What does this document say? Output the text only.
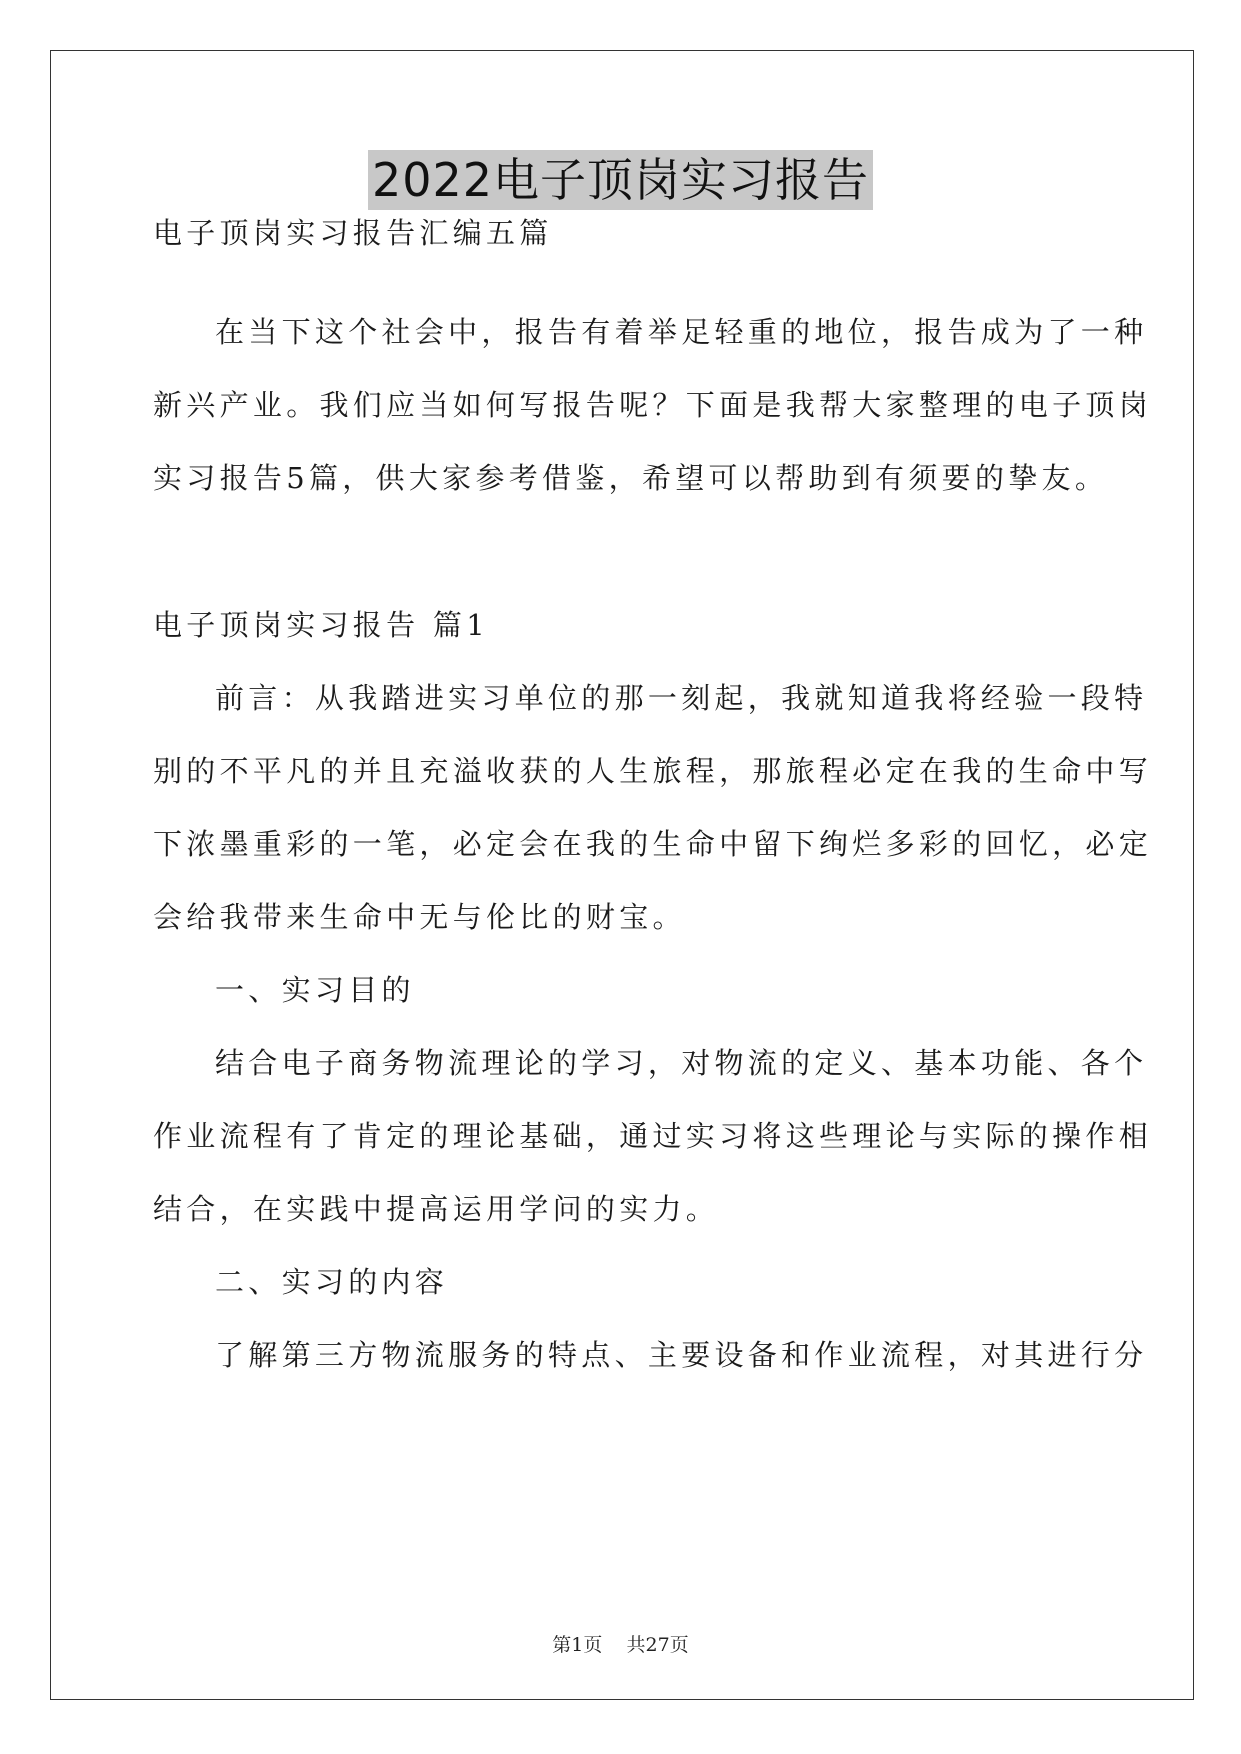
2022电子顶岗实习报告
电子顶岗实习报告汇编五篇
在当下这个社会中，报告有着举足轻重的地位，报告成为了一种
新兴产业。我们应当如何写报告呢？下面是我帮大家整理的电子顶岗
实习报告5篇，供大家参考借鉴，希望可以帮助到有须要的挚友。
电子顶岗实习报告 篇1
前言：从我踏进实习单位的那一刻起，我就知道我将经验一段特
别的不平凡的并且充溢收获的人生旅程，那旅程必定在我的生命中写
下浓墨重彩的一笔，必定会在我的生命中留下绚烂多彩的回忆，必定
会给我带来生命中无与伦比的财宝。
一、实习目的
结合电子商务物流理论的学习，对物流的定义、基本功能、各个
作业流程有了肯定的理论基础，通过实习将这些理论与实际的操作相
结合，在实践中提高运用学问的实力。
二、实习的内容
了解第三方物流服务的特点、主要设备和作业流程，对其进行分
第1页 共27页
